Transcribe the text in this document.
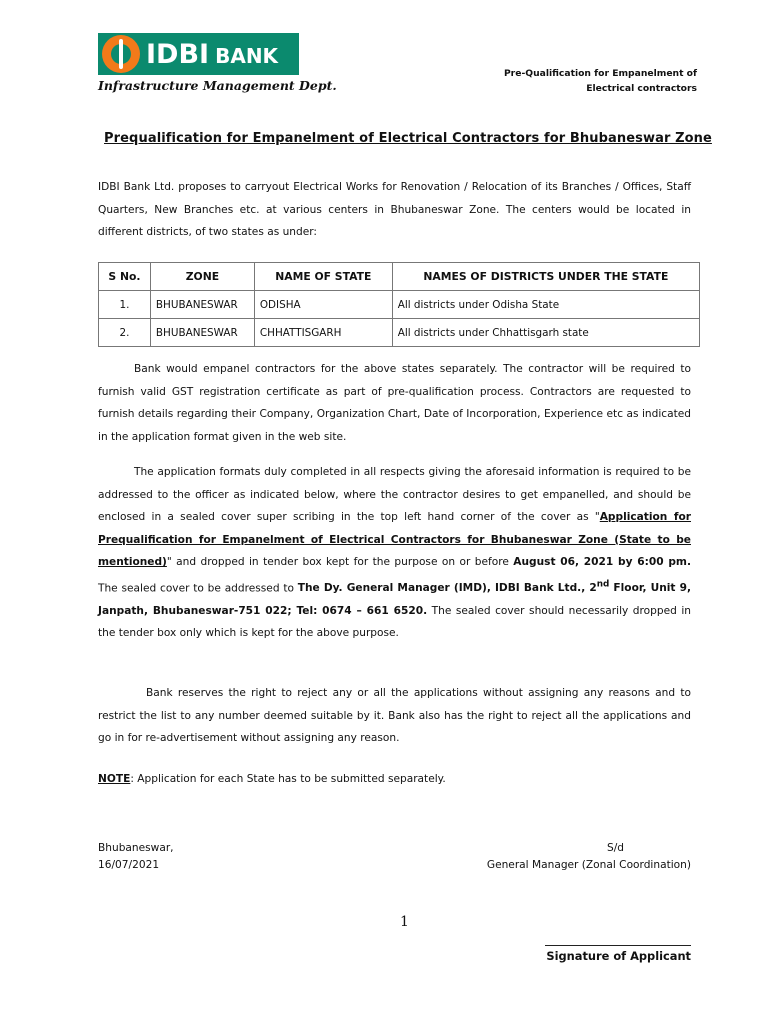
IDBI BANK
Infrastructure Management Dept.
Pre-Qualification for Empanelment of
Electrical contractors
Prequalification for Empanelment of Electrical Contractors for Bhubaneswar Zone
IDBI Bank Ltd. proposes to carryout Electrical Works for Renovation / Relocation of its Branches / Offices, Staff Quarters, New Branches etc. at various centers in Bhubaneswar Zone. The centers would be located in different districts, of two states as under:
S No.	ZONE	NAME OF STATE	NAMES OF DISTRICTS UNDER THE STATE
1.	BHUBANESWAR	ODISHA	All districts under Odisha State
2.	BHUBANESWAR	CHHATTISGARH	All districts under Chhattisgarh state
Bank would empanel contractors for the above states separately. The contractor will be required to furnish valid GST registration certificate as part of pre-qualification process. Contractors are requested to furnish details regarding their Company, Organization Chart, Date of Incorporation, Experience etc as indicated in the application format given in the web site.
The application formats duly completed in all respects giving the aforesaid information is required to be addressed to the officer as indicated below, where the contractor desires to get empanelled, and should be enclosed in a sealed cover super scribing in the top left hand corner of the cover as "Application for Prequalification for Empanelment of Electrical Contractors for Bhubaneswar Zone (State to be mentioned)" and dropped in tender box kept for the purpose on or before August 06, 2021 by 6:00 pm. The sealed cover to be addressed to The Dy. General Manager (IMD), IDBI Bank Ltd., 2nd Floor, Unit 9, Janpath, Bhubaneswar-751 022; Tel: 0674 – 661 6520. The sealed cover should necessarily dropped in the tender box only which is kept for the above purpose.
Bank reserves the right to reject any or all the applications without assigning any reasons and to restrict the list to any number deemed suitable by it. Bank also has the right to reject all the applications and go in for re-advertisement without assigning any reason.
NOTE: Application for each State has to be submitted separately.
Bhubaneswar,
16/07/2021
S/d
General Manager (Zonal Coordination)
1
Signature of Applicant
